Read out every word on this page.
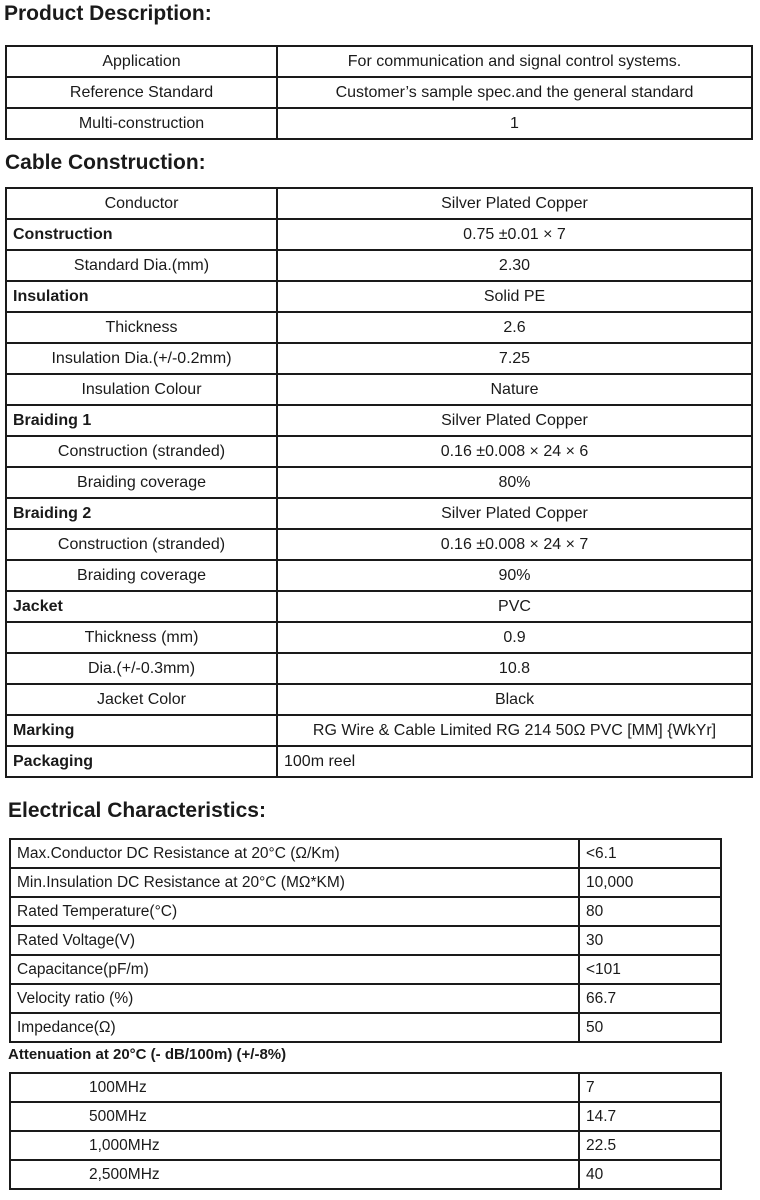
Product Description:
Application	For communication and signal control systems.
Reference Standard	Customer’s sample spec.and the general standard
Multi-construction	1
Cable Construction:
Conductor	Silver Plated Copper
Construction	0.75 ±0.01 × 7
Standard Dia.(mm)	2.30
Insulation	Solid PE
Thickness	2.6
Insulation Dia.(+/-0.2mm)	7.25
Insulation Colour	Nature
Braiding 1	Silver Plated Copper
Construction (stranded)	0.16 ±0.008 × 24 × 6
Braiding coverage	80%
Braiding 2	Silver Plated Copper
Construction (stranded)	0.16 ±0.008 × 24 × 7
Braiding coverage	90%
Jacket	PVC
Thickness (mm)	0.9
Dia.(+/-0.3mm)	10.8
Jacket Color	Black
Marking	RG Wire & Cable Limited RG 214 50Ω PVC [MM] {WkYr]
Packaging	100m reel
Electrical Characteristics:
Max.Conductor DC Resistance at 20°C (Ω/Km)	<6.1
Min.Insulation DC Resistance at 20°C (MΩ*KM)	10,000
Rated Temperature(°C)	80
Rated Voltage(V)	30
Capacitance(pF/m)	<101
Velocity ratio (%)	66.7
Impedance(Ω)	50

Attenuation at 20°C (- dB/100m) (+/-8%)

100MHz	7
500MHz	14.7
1,000MHz	22.5
2,500MHz	40
